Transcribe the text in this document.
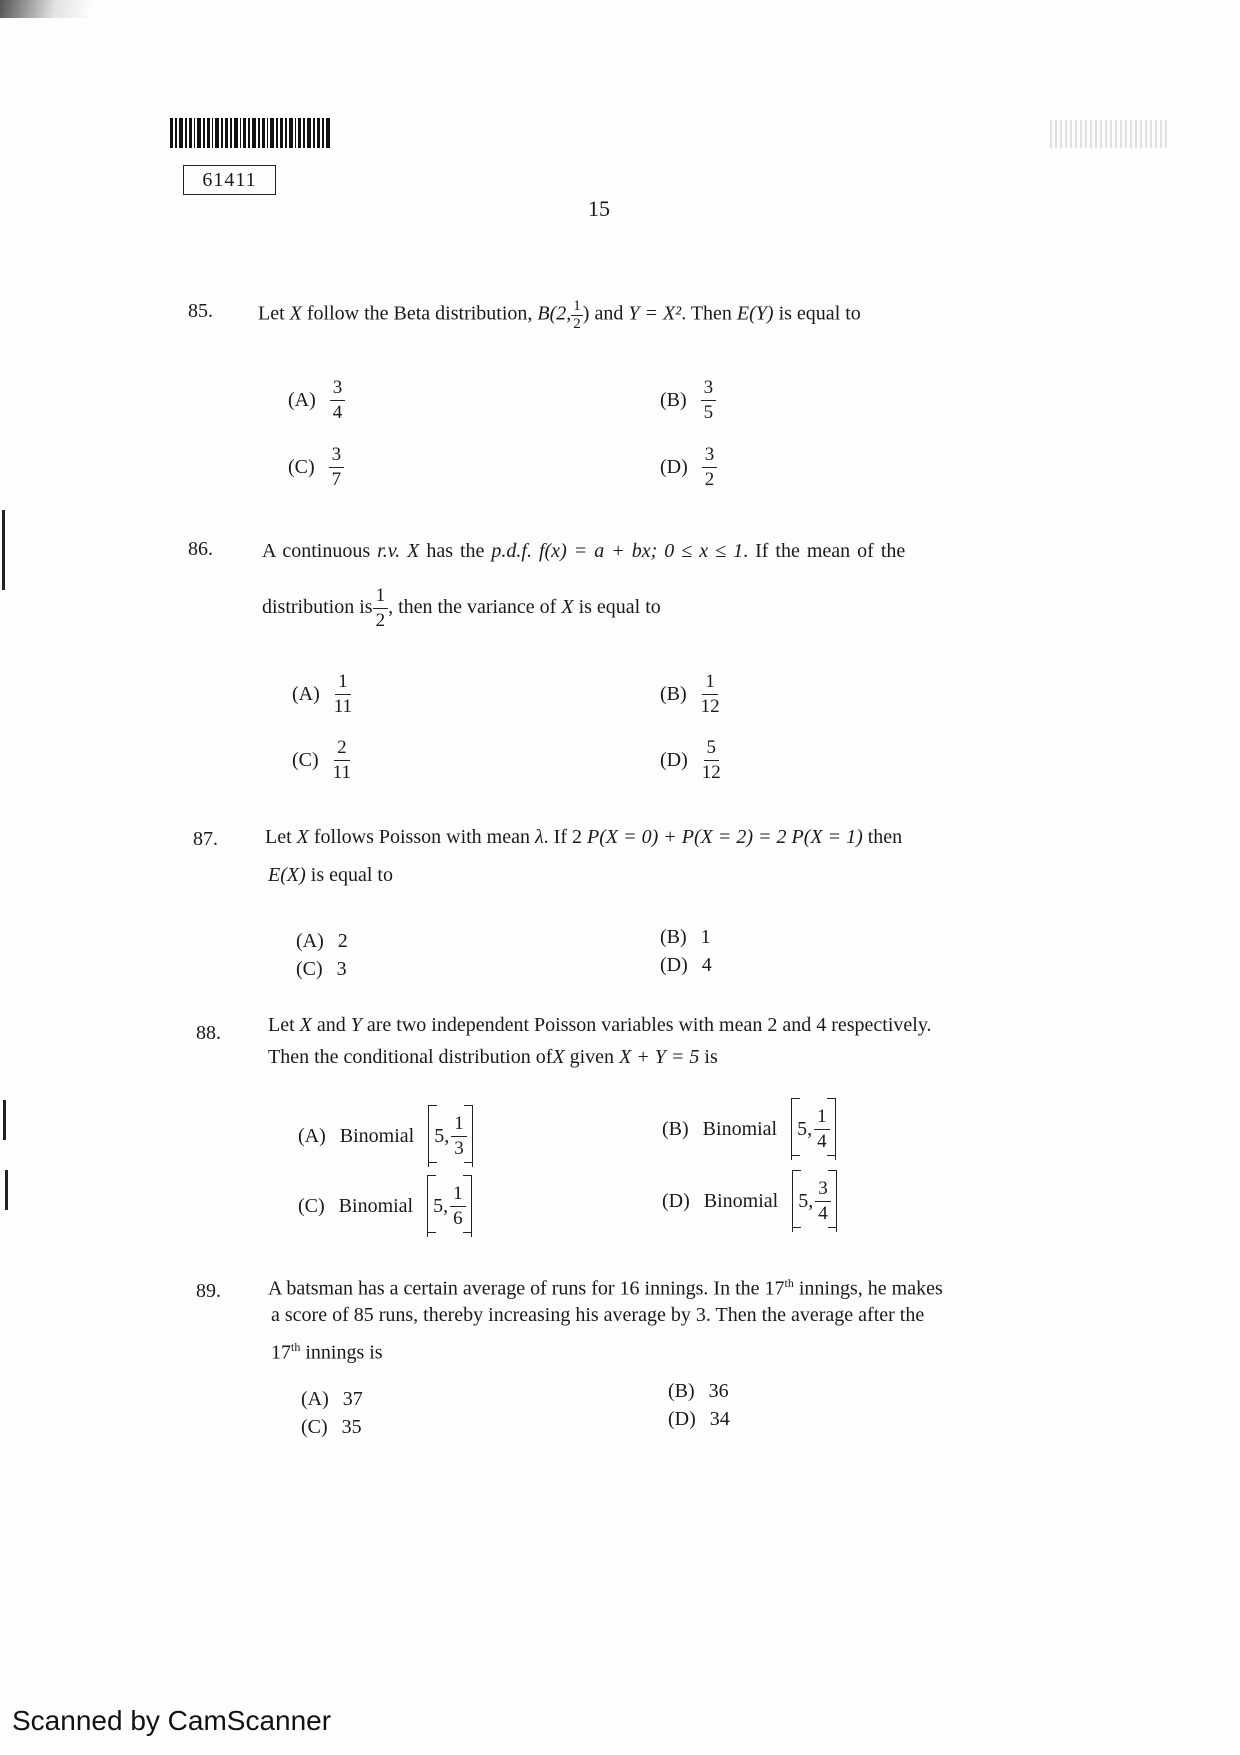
61411
15
85. Let X follow the Beta distribution, B(2, $\frac{1}{2}$ ) and Y = X². Then E(Y) is equal to
$(A) \frac{3}{4}$	$(B) \frac{3}{5}$
$(C) \frac{3}{7}$	$(D) \frac{3}{2}$
86. A continuous r.v. X has the p.d.f. f(x) = a + bx; 0 ≤ x ≤ 1. If the mean of the
distribution is $\frac{1}{2}$ , then the variance of X is equal to
$(A) \frac{1}{11}$	$(B) \frac{1}{12}$
$(C) \frac{2}{11}$	$(D) \frac{5}{12}$
87. Let X follows Poisson with mean λ. If 2 P(X = 0) + P(X = 2) = 2 P(X = 1) then
E(X) is equal to
(A) 2	(B) 1
(C) 3	(D) 4
88. Let X and Y are two independent Poisson variables with mean 2 and 4 respectively.
Then the conditional distribution ofX given X + Y = 5 is
(A) Binomial 5, $\frac{1}{3}$	(B) Binomial 5, $\frac{1}{4}$
(C) Binomial 5, $\frac{1}{6}$	(D) Binomial 5, $\frac{3}{4}$
89. A batsman has a certain average of runs for 16 innings. In the 17th innings, he makes
a score of 85 runs, thereby increasing his average by 3. Then the average after the
17th innings is
(A) 37	(B) 36
(C) 35	(D) 34
Scanned by CamScanner
